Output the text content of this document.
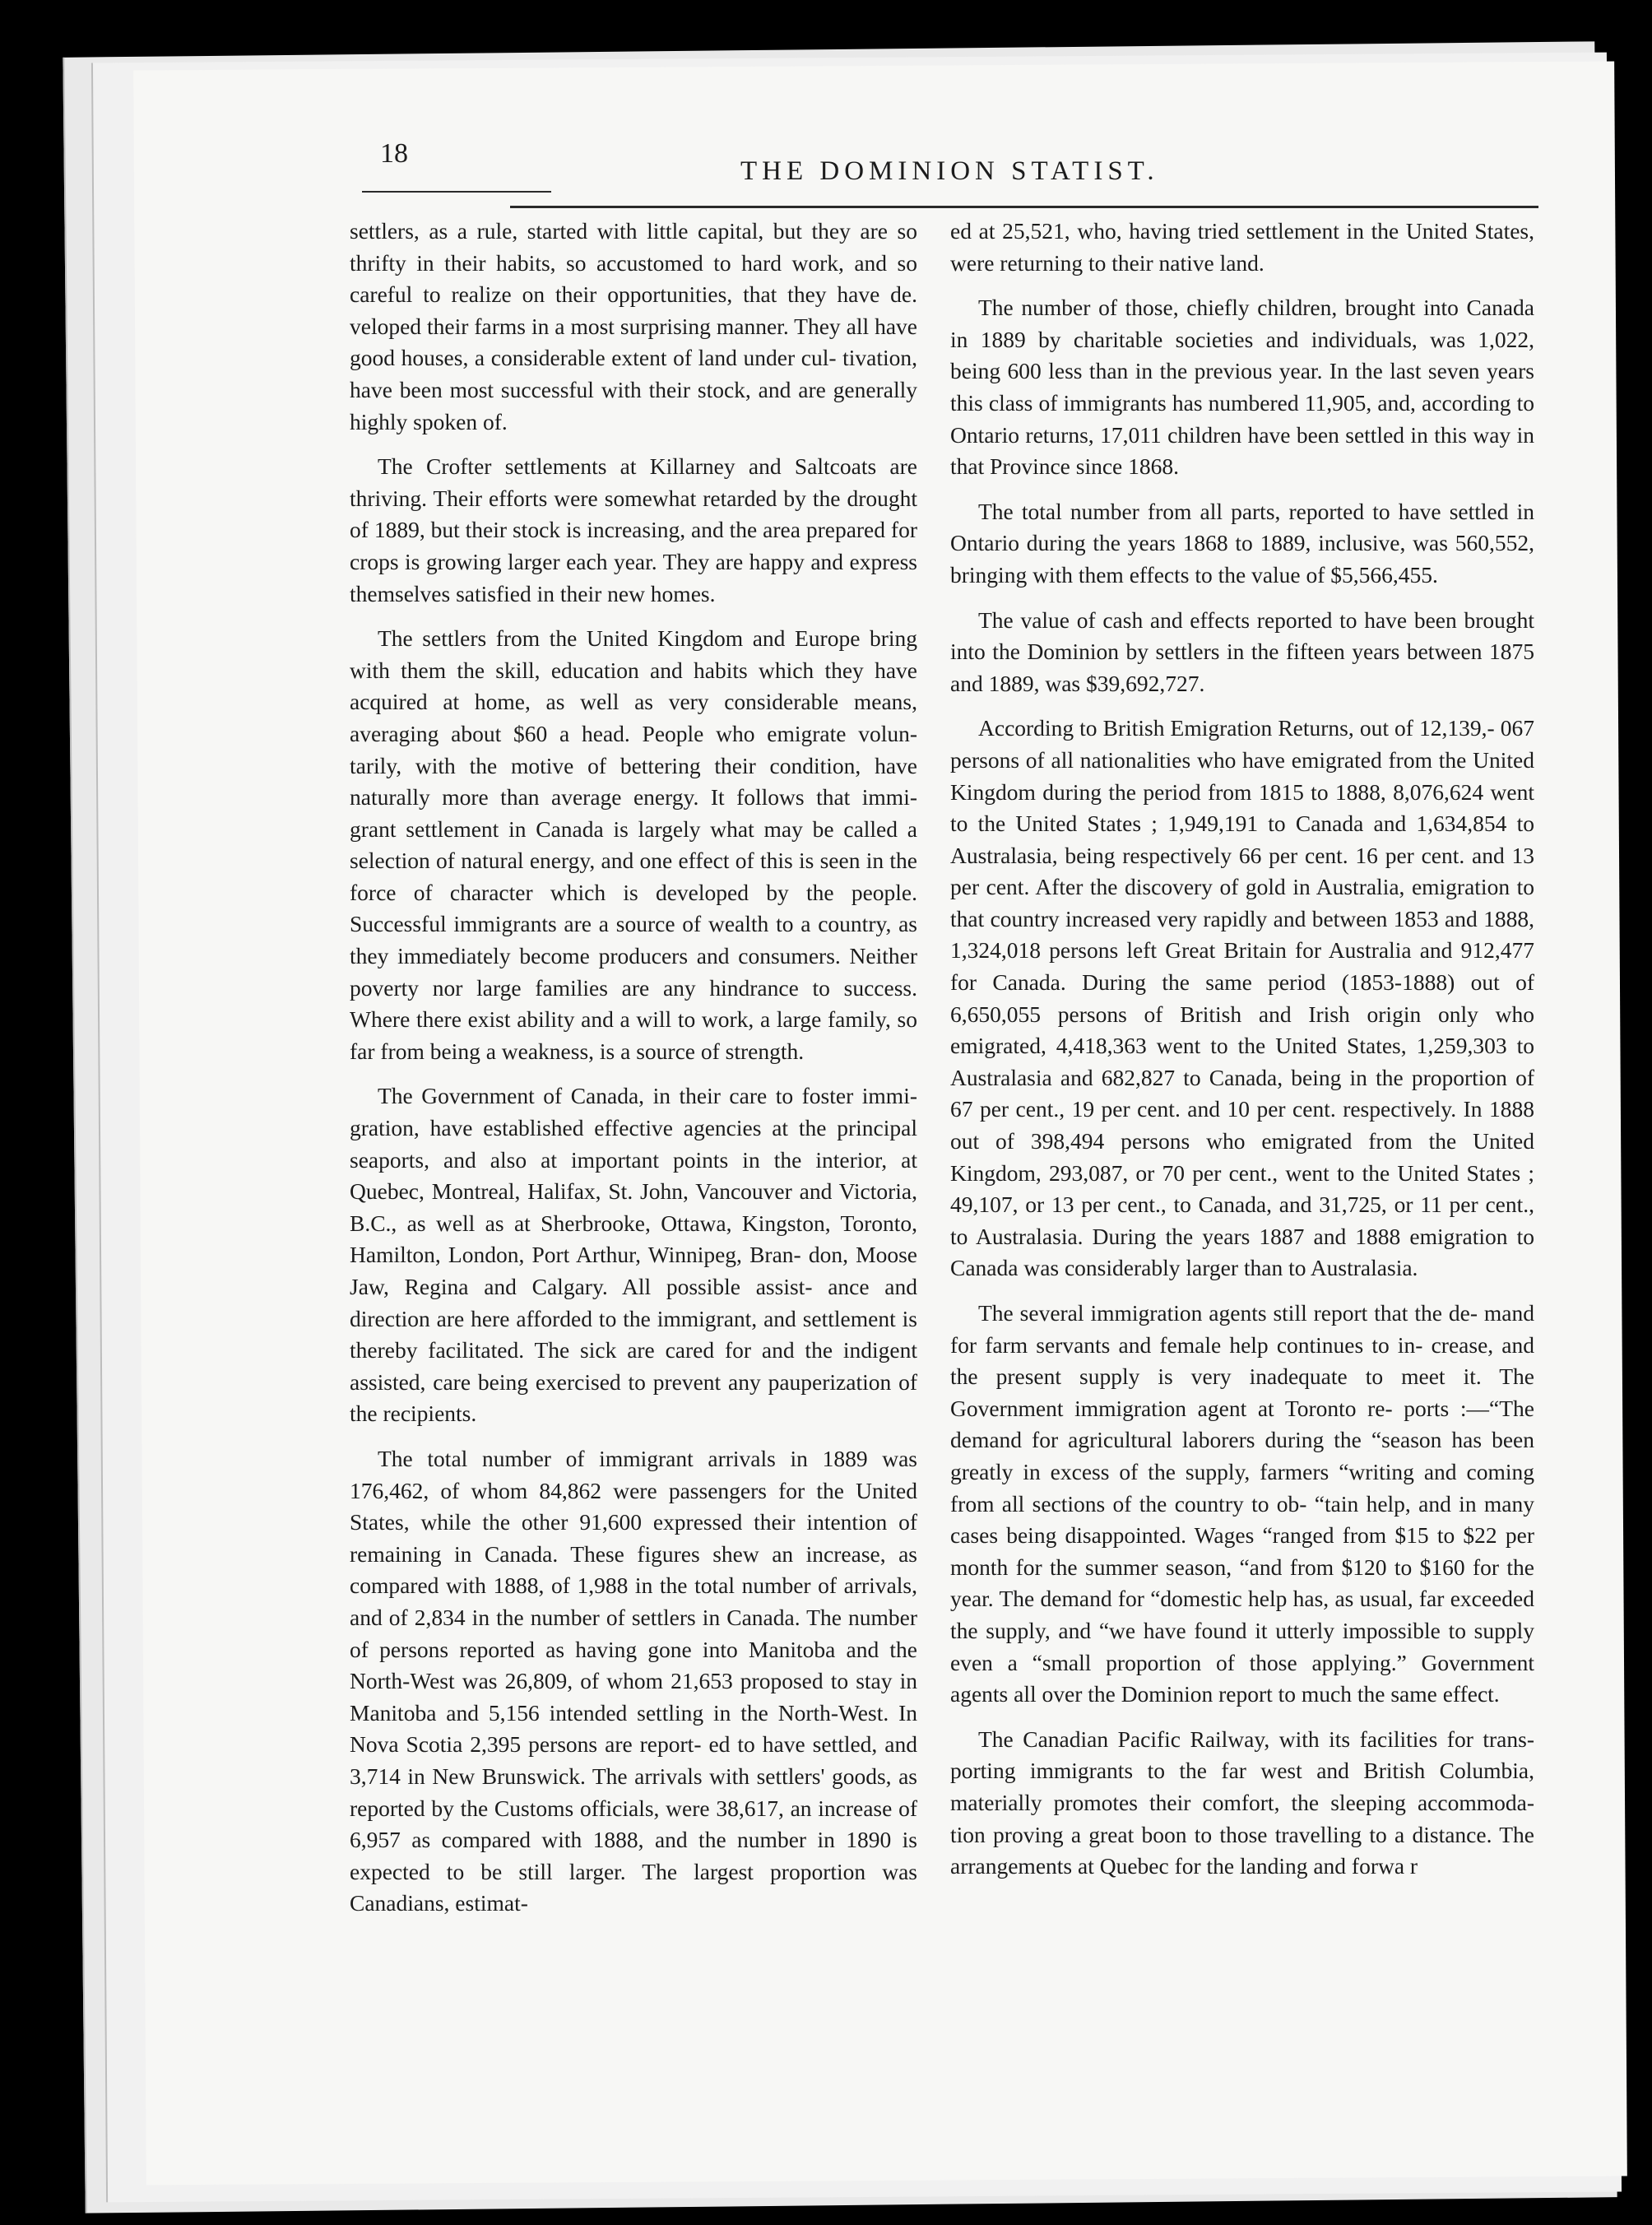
18
THE DOMINION STATIST.

settlers, as a rule, started with little capital, but they are so thrifty in their habits, so accustomed to hard work, and so careful to realize on their opportunities, that they have de. veloped their farms in a most surprising manner. They all have good houses, a considerable extent of land under cul- tivation, have been most successful with their stock, and are generally highly spoken of.

The Crofter settlements at Killarney and Saltcoats are thriving. Their efforts were somewhat retarded by the drought of 1889, but their stock is increasing, and the area prepared for crops is growing larger each year. They are happy and express themselves satisfied in their new homes.

The settlers from the United Kingdom and Europe bring with them the skill, education and habits which they have acquired at home, as well as very considerable means, averaging about $60 a head. People who emigrate volun- tarily, with the motive of bettering their condition, have naturally more than average energy. It follows that immi- grant settlement in Canada is largely what may be called a selection of natural energy, and one effect of this is seen in the force of character which is developed by the people. Successful immigrants are a source of wealth to a country, as they immediately become producers and consumers. Neither poverty nor large families are any hindrance to success. Where there exist ability and a will to work, a large family, so far from being a weakness, is a source of strength.

The Government of Canada, in their care to foster immi- gration, have established effective agencies at the principal seaports, and also at important points in the interior, at Quebec, Montreal, Halifax, St. John, Vancouver and Victoria, B.C., as well as at Sherbrooke, Ottawa, Kingston, Toronto, Hamilton, London, Port Arthur, Winnipeg, Bran- don, Moose Jaw, Regina and Calgary. All possible assist- ance and direction are here afforded to the immigrant, and settlement is thereby facilitated. The sick are cared for and the indigent assisted, care being exercised to prevent any pauperization of the recipients.

The total number of immigrant arrivals in 1889 was 176,462, of whom 84,862 were passengers for the United States, while the other 91,600 expressed their intention of remaining in Canada. These figures shew an increase, as compared with 1888, of 1,988 in the total number of arrivals, and of 2,834 in the number of settlers in Canada. The number of persons reported as having gone into Manitoba and the North-West was 26,809, of whom 21,653 proposed to stay in Manitoba and 5,156 intended settling in the North-West. In Nova Scotia 2,395 persons are report- ed to have settled, and 3,714 in New Brunswick. The arrivals with settlers' goods, as reported by the Customs officials, were 38,617, an increase of 6,957 as compared with 1888, and the number in 1890 is expected to be still larger. The largest proportion was Canadians, estimat-

ed at 25,521, who, having tried settlement in the United States, were returning to their native land.

The number of those, chiefly children, brought into Canada in 1889 by charitable societies and individuals, was 1,022, being 600 less than in the previous year. In the last seven years this class of immigrants has numbered 11,905, and, according to Ontario returns, 17,011 children have been settled in this way in that Province since 1868.

The total number from all parts, reported to have settled in Ontario during the years 1868 to 1889, inclusive, was 560,552, bringing with them effects to the value of $5,566,455.

The value of cash and effects reported to have been brought into the Dominion by settlers in the fifteen years between 1875 and 1889, was $39,692,727.

According to British Emigration Returns, out of 12,139,- 067 persons of all nationalities who have emigrated from the United Kingdom during the period from 1815 to 1888, 8,076,624 went to the United States ; 1,949,191 to Canada and 1,634,854 to Australasia, being respectively 66 per cent. 16 per cent. and 13 per cent. After the discovery of gold in Australia, emigration to that country increased very rapidly and between 1853 and 1888, 1,324,018 persons left Great Britain for Australia and 912,477 for Canada. During the same period (1853-1888) out of 6,650,055 persons of British and Irish origin only who emigrated, 4,418,363 went to the United States, 1,259,303 to Australasia and 682,827 to Canada, being in the proportion of 67 per cent., 19 per cent. and 10 per cent. respectively. In 1888 out of 398,494 persons who emigrated from the United Kingdom, 293,087, or 70 per cent., went to the United States ; 49,107, or 13 per cent., to Canada, and 31,725, or 11 per cent., to Australasia. During the years 1887 and 1888 emigration to Canada was considerably larger than to Australasia.

The several immigration agents still report that the de- mand for farm servants and female help continues to in- crease, and the present supply is very inadequate to meet it. The Government immigration agent at Toronto re- ports :—“The demand for agricultural laborers during the “season has been greatly in excess of the supply, farmers “writing and coming from all sections of the country to ob- “tain help, and in many cases being disappointed. Wages “ranged from $15 to $22 per month for the summer season, “and from $120 to $160 for the year. The demand for “domestic help has, as usual, far exceeded the supply, and “we have found it utterly impossible to supply even a “small proportion of those applying.” Government agents all over the Dominion report to much the same effect.

The Canadian Pacific Railway, with its facilities for trans- porting immigrants to the far west and British Columbia, materially promotes their comfort, the sleeping accommoda- tion proving a great boon to those travelling to a distance. The arrangements at Quebec for the landing and forwa r
